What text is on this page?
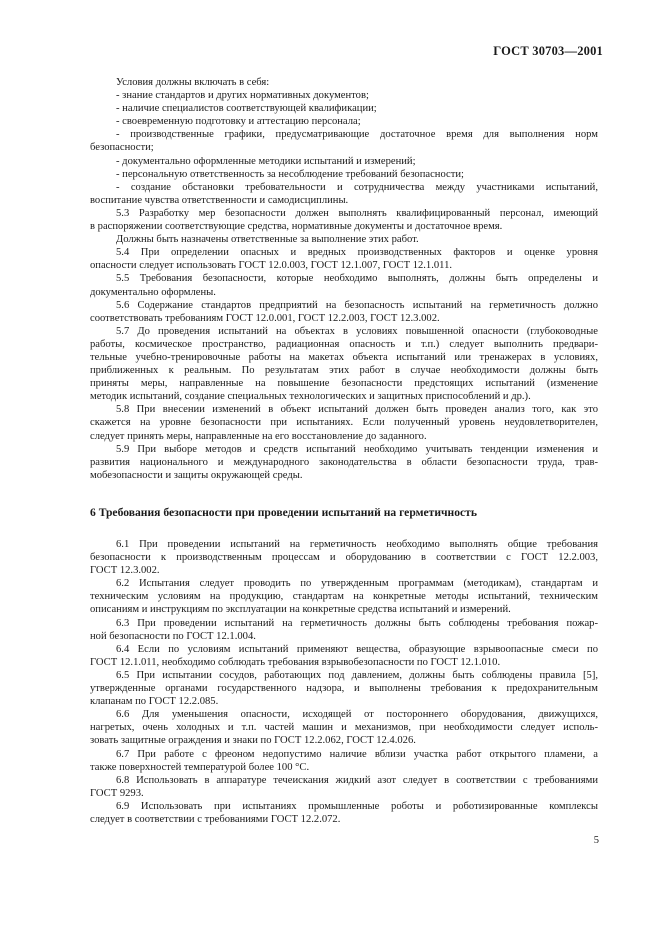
ГОСТ 30703—2001

Условия должны включать в себя:

- знание стандартов и других нормативных документов;

- наличие специалистов соответствующей квалификации;

- своевременную подготовку и аттестацию персонала;

- производственные графики, предусматривающие достаточное время для выполнения норм

безопасности;

- документально оформленные методики испытаний и измерений;

- персональную ответственность за несоблюдение требований безопасности;

- создание обстановки требовательности и сотрудничества между участниками испытаний,

воспитание чувства ответственности и самодисциплины.

5.3 Разработку мер безопасности должен выполнять квалифицированный персонал, имеющий

в распоряжении соответствующие средства, нормативные документы и достаточное время.

Должны быть назначены ответственные за выполнение этих работ.

5.4 При определении опасных и вредных производственных факторов и оценке уровня

опасности следует использовать ГОСТ 12.0.003, ГОСТ 12.1.007, ГОСТ 12.1.011.

5.5 Требования безопасности, которые необходимо выполнять, должны быть определены и

документально оформлены.

5.6 Содержание стандартов предприятий на безопасность испытаний на герметичность должно

соответствовать требованиям ГОСТ 12.0.001, ГОСТ 12.2.003, ГОСТ 12.3.002.

5.7 До проведения испытаний на объектах в условиях повышенной опасности (глубоководные

работы, космическое пространство, радиационная опасность и т.п.) следует выполнить предвари-

тельные учебно-тренировочные работы на макетах объекта испытаний или тренажерах в условиях,

приближенных к реальным. По результатам этих работ в случае необходимости должны быть

приняты меры, направленные на повышение безопасности предстоящих испытаний (изменение

методик испытаний, создание специальных технологических и защитных приспособлений и др.).

5.8 При внесении изменений в объект испытаний должен быть проведен анализ того, как это

скажется на уровне безопасности при испытаниях. Если полученный уровень неудовлетворителен,

следует принять меры, направленные на его восстановление до заданного.

5.9 При выборе методов и средств испытаний необходимо учитывать тенденции изменения и

развития национального и международного законодательства в области безопасности труда, трав-

мобезопасности и защиты окружающей среды.

6 Требования безопасности при проведении испытаний на герметичность

6.1 При проведении испытаний на герметичность необходимо выполнять общие требования

безопасности к производственным процессам и оборудованию в соответствии с ГОСТ 12.2.003,

ГОСТ 12.3.002.

6.2 Испытания следует проводить по утвержденным программам (методикам), стандартам и

техническим условиям на продукцию, стандартам на конкретные методы испытаний, техническим

описаниям и инструкциям по эксплуатации на конкретные средства испытаний и измерений.

6.3 При проведении испытаний на герметичность должны быть соблюдены требования пожар-

ной безопасности по ГОСТ 12.1.004.

6.4 Если по условиям испытаний применяют вещества, образующие взрывоопасные смеси по

ГОСТ 12.1.011, необходимо соблюдать требования взрывобезопасности по ГОСТ 12.1.010.

6.5 При испытании сосудов, работающих под давлением, должны быть соблюдены правила [5],

утвержденные органами государственного надзора, и выполнены требования к предохранительным

клапанам по ГОСТ 12.2.085.

6.6 Для уменьшения опасности, исходящей от постороннего оборудования, движущихся,

нагретых, очень холодных и т.п. частей машин и механизмов, при необходимости следует исполь-

зовать защитные ограждения и знаки по ГОСТ 12.2.062, ГОСТ 12.4.026.

6.7 При работе с фреоном недопустимо наличие вблизи участка работ открытого пламени, а

также поверхностей температурой более 100 °С.

6.8 Использовать в аппаратуре течеискания жидкий азот следует в соответствии с требованиями

ГОСТ 9293.

6.9 Использовать при испытаниях промышленные роботы и роботизированные комплексы

следует в соответствии с требованиями ГОСТ 12.2.072.

5
